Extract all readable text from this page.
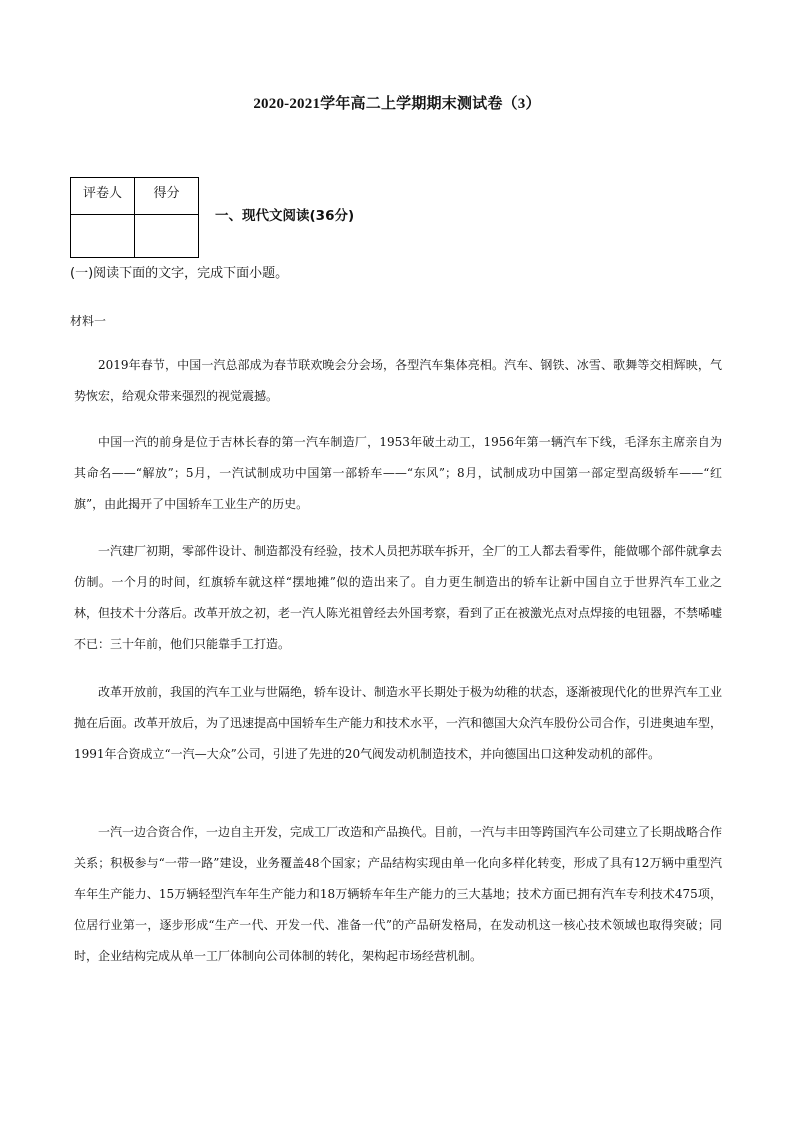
2020-2021学年高二上学期期末测试卷（3）
评卷人	得分

一、现代文阅读(36分)
(一)阅读下面的文字，完成下面小题。
材料一

2019年春节，中国一汽总部成为春节联欢晚会分会场，各型汽车集体亮相。汽车、钢铁、冰雪、歌舞等交相辉映，气势恢宏，给观众带来强烈的视觉震撼。

中国一汽的前身是位于吉林长春的第一汽车制造厂，1953年破土动工，1956年第一辆汽车下线，毛泽东主席亲自为其命名——“解放”；5月，一汽试制成功中国第一部轿车——“东风”；8月，试制成功中国第一部定型高级轿车——“红旗”，由此揭开了中国轿车工业生产的历史。

一汽建厂初期，零部件设计、制造都没有经验，技术人员把苏联车拆开，全厂的工人都去看零件，能做哪个部件就拿去仿制。一个月的时间，红旗轿车就这样“摆地摊”似的造出来了。自力更生制造出的轿车让新中国自立于世界汽车工业之林，但技术十分落后。改革开放之初，老一汽人陈光祖曾经去外国考察，看到了正在被激光点对点焊接的电钮器，不禁唏嘘不已：三十年前，他们只能靠手工打造。

改革开放前，我国的汽车工业与世隔绝，轿车设计、制造水平长期处于极为幼稚的状态，逐渐被现代化的世界汽车工业抛在后面。改革开放后，为了迅速提高中国轿车生产能力和技术水平，一汽和德国大众汽车股份公司合作，引进奥迪车型，1991年合资成立“一汽—大众”公司，引进了先进的20气阀发动机制造技术，并向德国出口这种发动机的部件。

一汽一边合资合作，一边自主开发，完成工厂改造和产品换代。目前，一汽与丰田等跨国汽车公司建立了长期战略合作关系；积极参与“一带一路”建设，业务覆盖48个国家；产品结构实现由单一化向多样化转变，形成了具有12万辆中重型汽车年生产能力、15万辆轻型汽车年生产能力和18万辆轿车年生产能力的三大基地；技术方面已拥有汽车专利技术475项，位居行业第一，逐步形成“生产一代、开发一代、准备一代”的产品研发格局，在发动机这一核心技术领域也取得突破；同时，企业结构完成从单一工厂体制向公司体制的转化，架构起市场经营机制。
